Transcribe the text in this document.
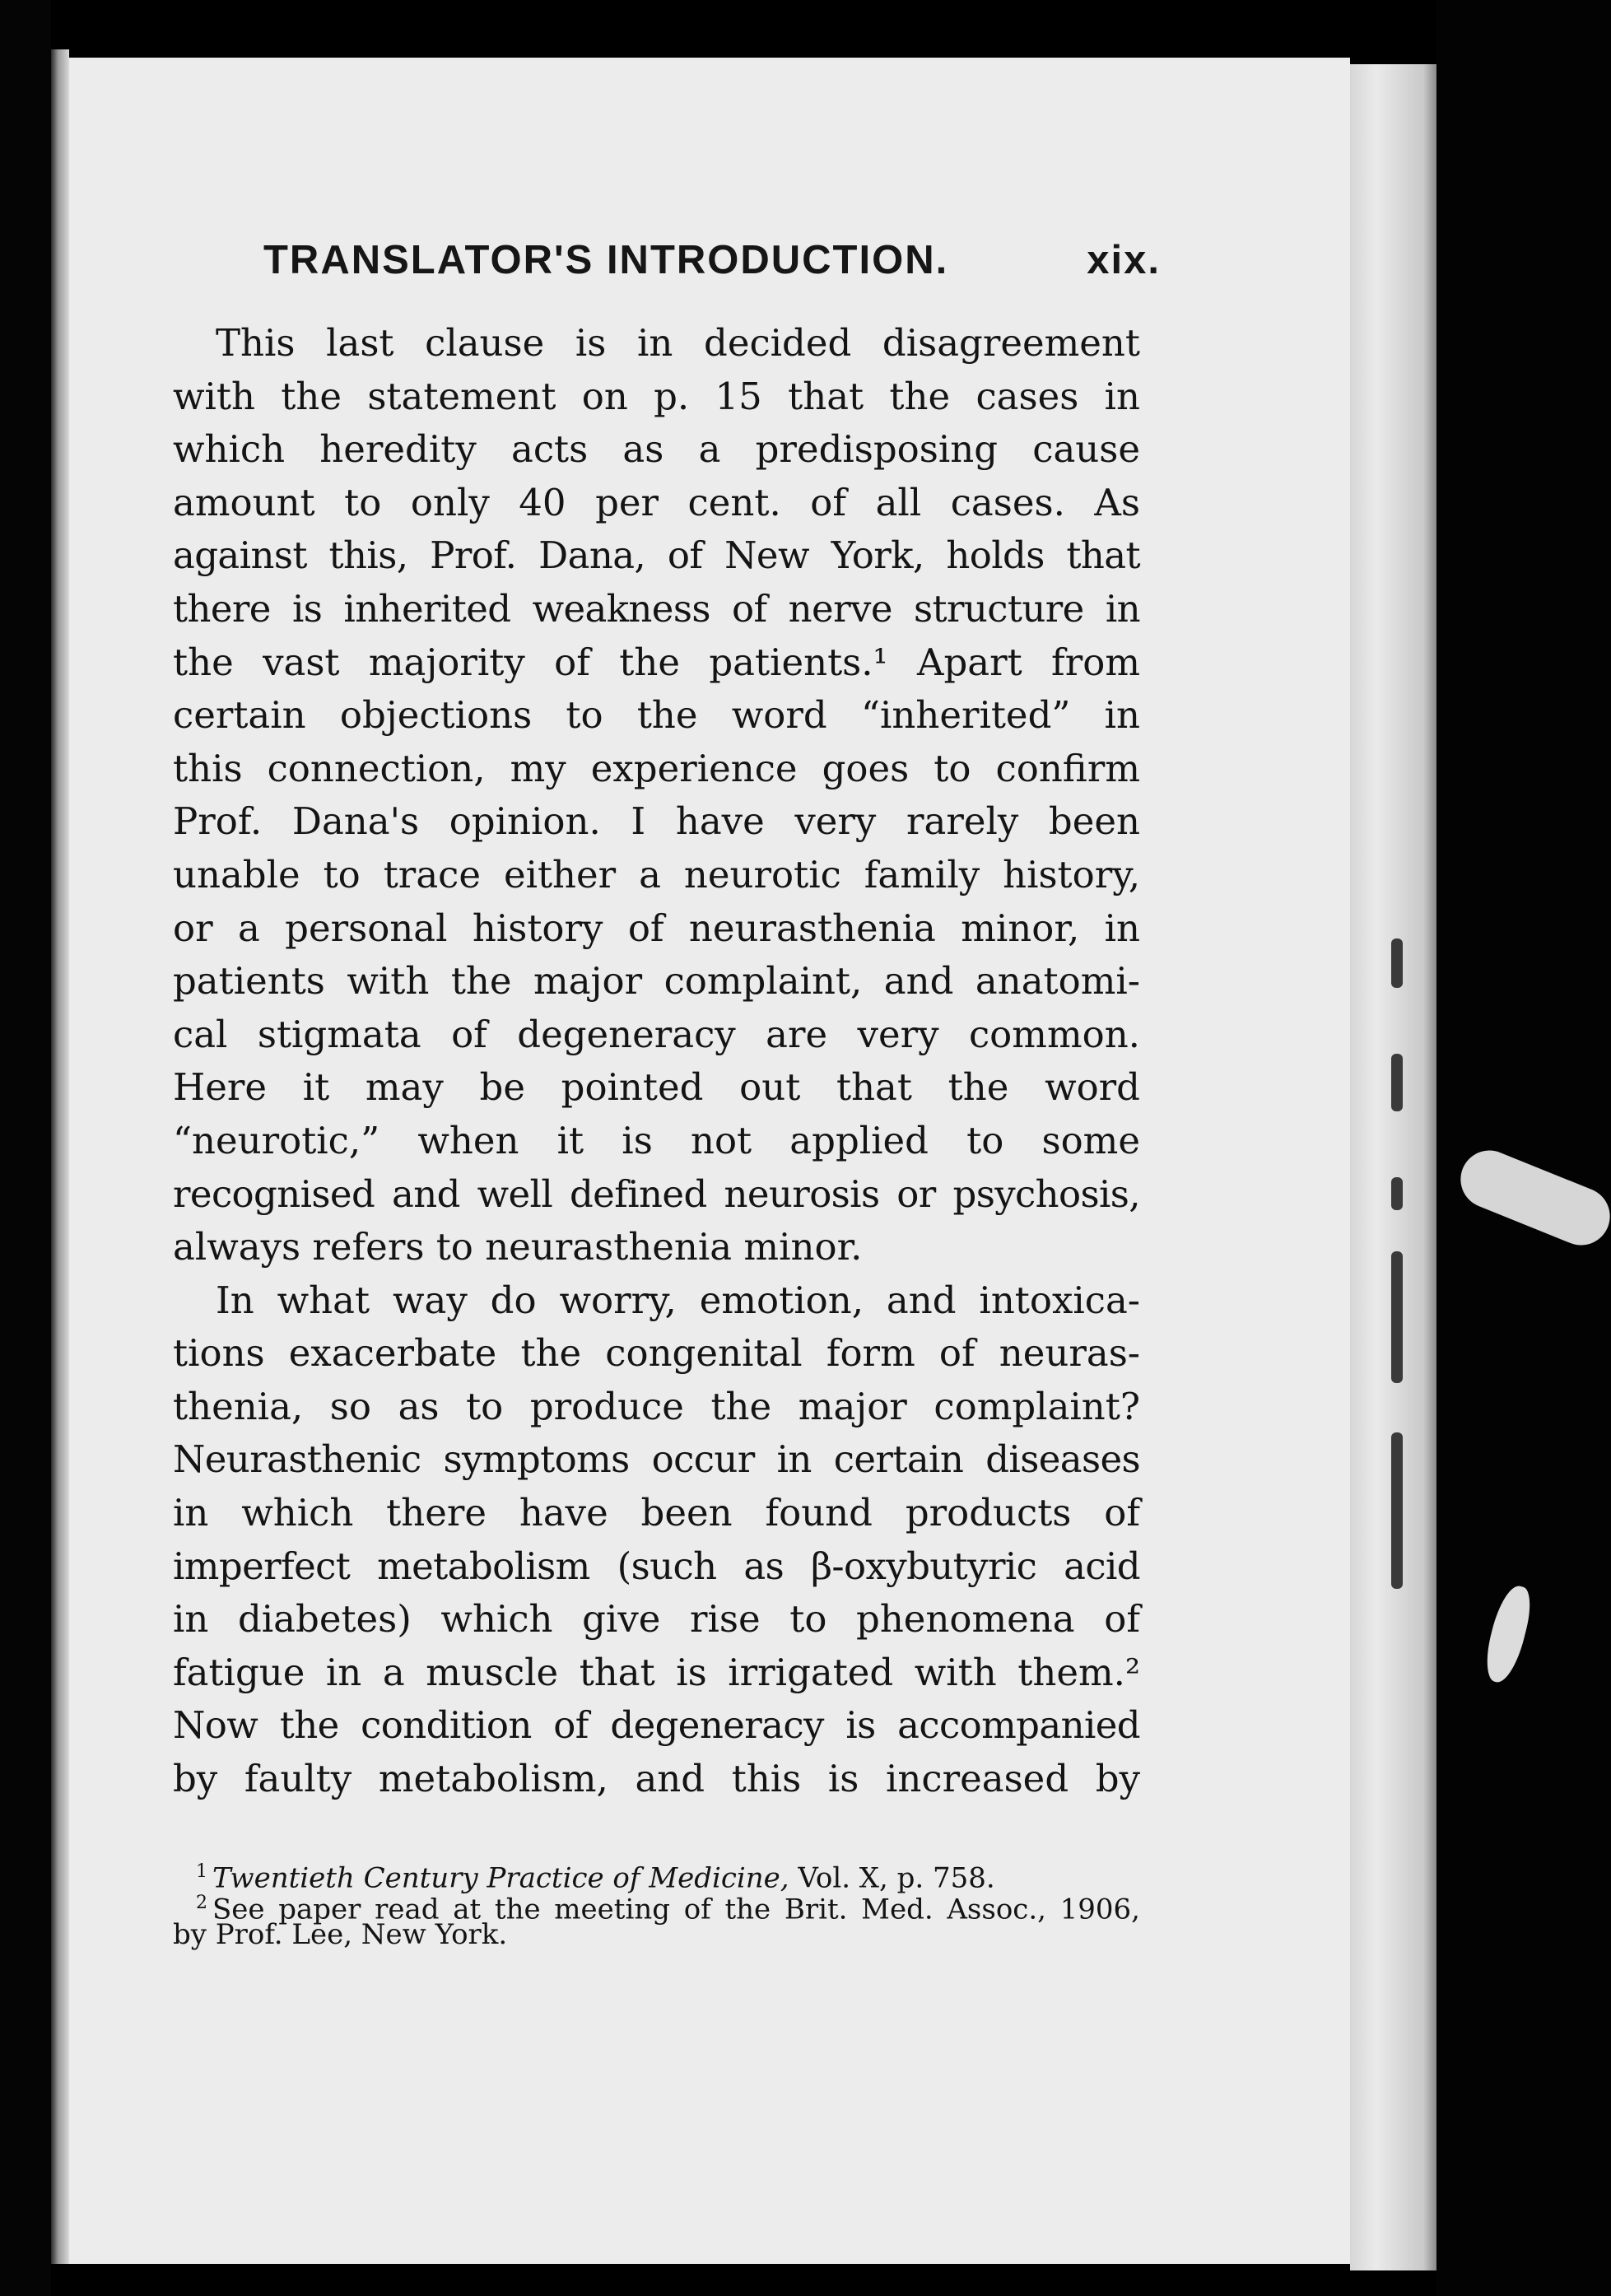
TRANSLATOR'S INTRODUCTION.	xix.
This last clause is in decided disagreement
with the statement on p. 15 that the cases in
which heredity acts as a predisposing cause
amount to only 40 per cent. of all cases. As
against this, Prof. Dana, of New York, holds that
there is inherited weakness of nerve structure in
the vast majority of the patients.¹ Apart from
certain objections to the word “inherited” in
this connection, my experience goes to confirm
Prof. Dana's opinion. I have very rarely been
unable to trace either a neurotic family history,
or a personal history of neurasthenia minor, in
patients with the major complaint, and anatomi-
cal stigmata of degeneracy are very common.
Here it may be pointed out that the word
“neurotic,” when it is not applied to some
recognised and well defined neurosis or psychosis,
always refers to neurasthenia minor.
In what way do worry, emotion, and intoxica-
tions exacerbate the congenital form of neuras-
thenia, so as to produce the major complaint?
Neurasthenic symptoms occur in certain diseases
in which there have been found products of
imperfect metabolism (such as β-oxybutyric acid
in diabetes) which give rise to phenomena of
fatigue in a muscle that is irrigated with them.²
Now the condition of degeneracy is accompanied
by faulty metabolism, and this is increased by
$^1$ Twentieth Century Practice of Medicine, Vol. X, p. 758.
$^2$ See paper read at the meeting of the Brit. Med. Assoc., 1906,
by Prof. Lee, New York.
